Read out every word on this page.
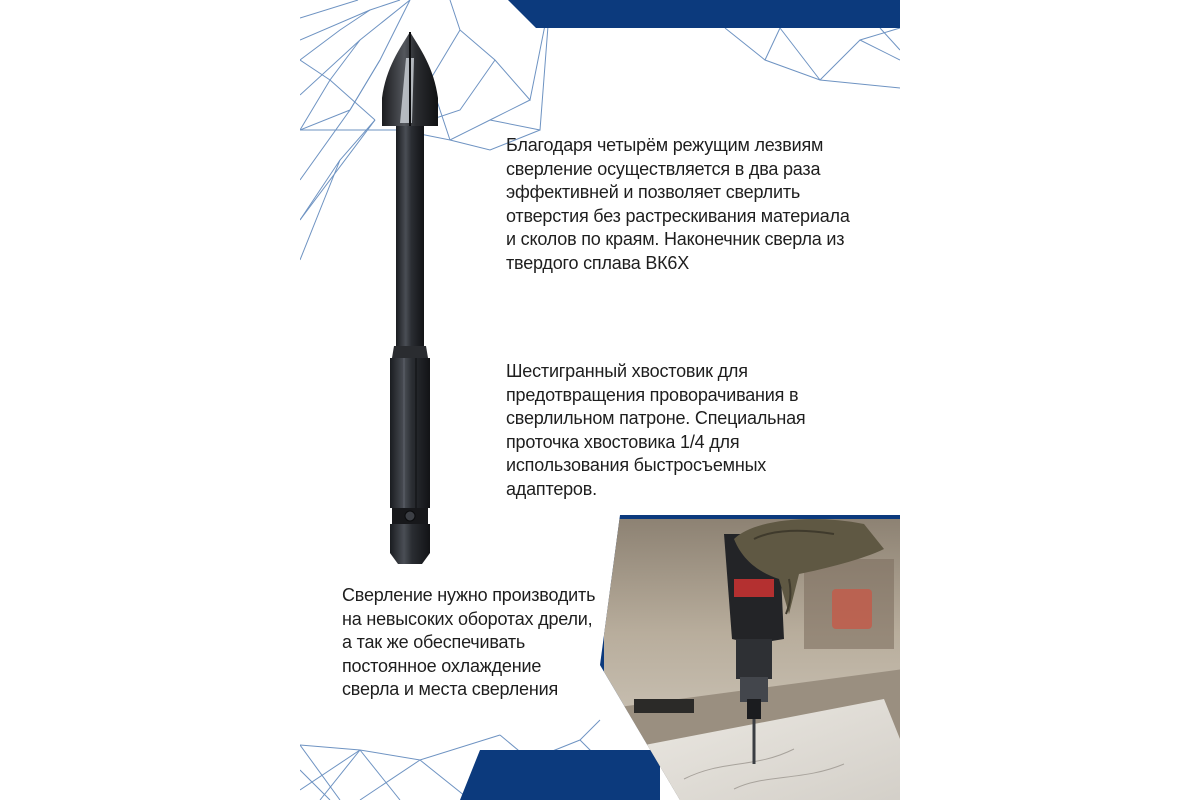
Благодаря четырём режущим лезвиям
сверление осуществляется в два раза
эффективней и позволяет сверлить
отверстия без растрескивания материала
и сколов по краям. Наконечник сверла из
твердого сплава ВК6Х

Шестигранный хвостовик для
предотвращения проворачивания в
сверлильном патроне. Специальная
проточка хвостовика 1/4 для
использования быстросъемных
адаптеров.

Сверление нужно производить
на невысоких оборотах дрели,
а так же обеспечивать
постоянное охлаждение
сверла и места сверления
